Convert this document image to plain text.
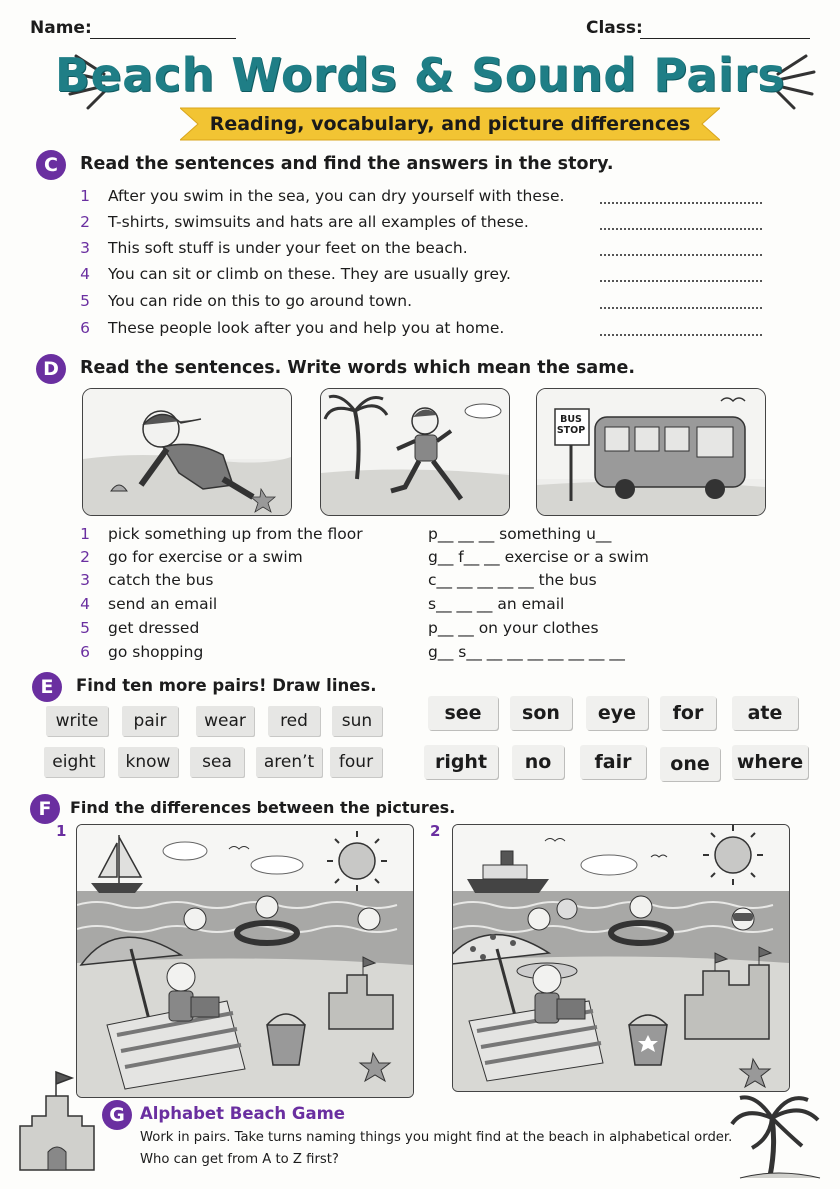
Name:	Class:
Beach Words & Sound Pairs
Reading, vocabulary, and picture differences
C	Read the sentences and find the answers in the story.
1 After you swim in the sea, you can dry yourself with these.
2 T-shirts, swimsuits and hats are all examples of these.
3 This soft stuff is under your feet on the beach.
4 You can sit or climb on these. They are usually grey.
5 You can ride on this to go around town.
6 These people look after you and help you at home.
D	Read the sentences. Write words which mean the same.
BUS
STOP
1 pick something up from the floor	p__ __ __ something u__
2 go for exercise or a swim	g__ f__ __ exercise or a swim
3 catch the bus	c__ __ __ __ __ the bus
4 send an email	s__ __ __ an email
5 get dressed	p__ __ on your clothes
6 go shopping	g__ s__ __ __ __ __ __ __ __
E	Find ten more pairs! Draw lines.
write	pair	wear	red	sun
eight	know	sea	aren’t	four
see	son	eye	for	ate
right	no	fair	one	where
F	Find the differences between the pictures.
1	2
G Alphabet Beach Game
Work in pairs. Take turns naming things you might find at the beach in alphabetical order.
Who can get from A to Z first?
